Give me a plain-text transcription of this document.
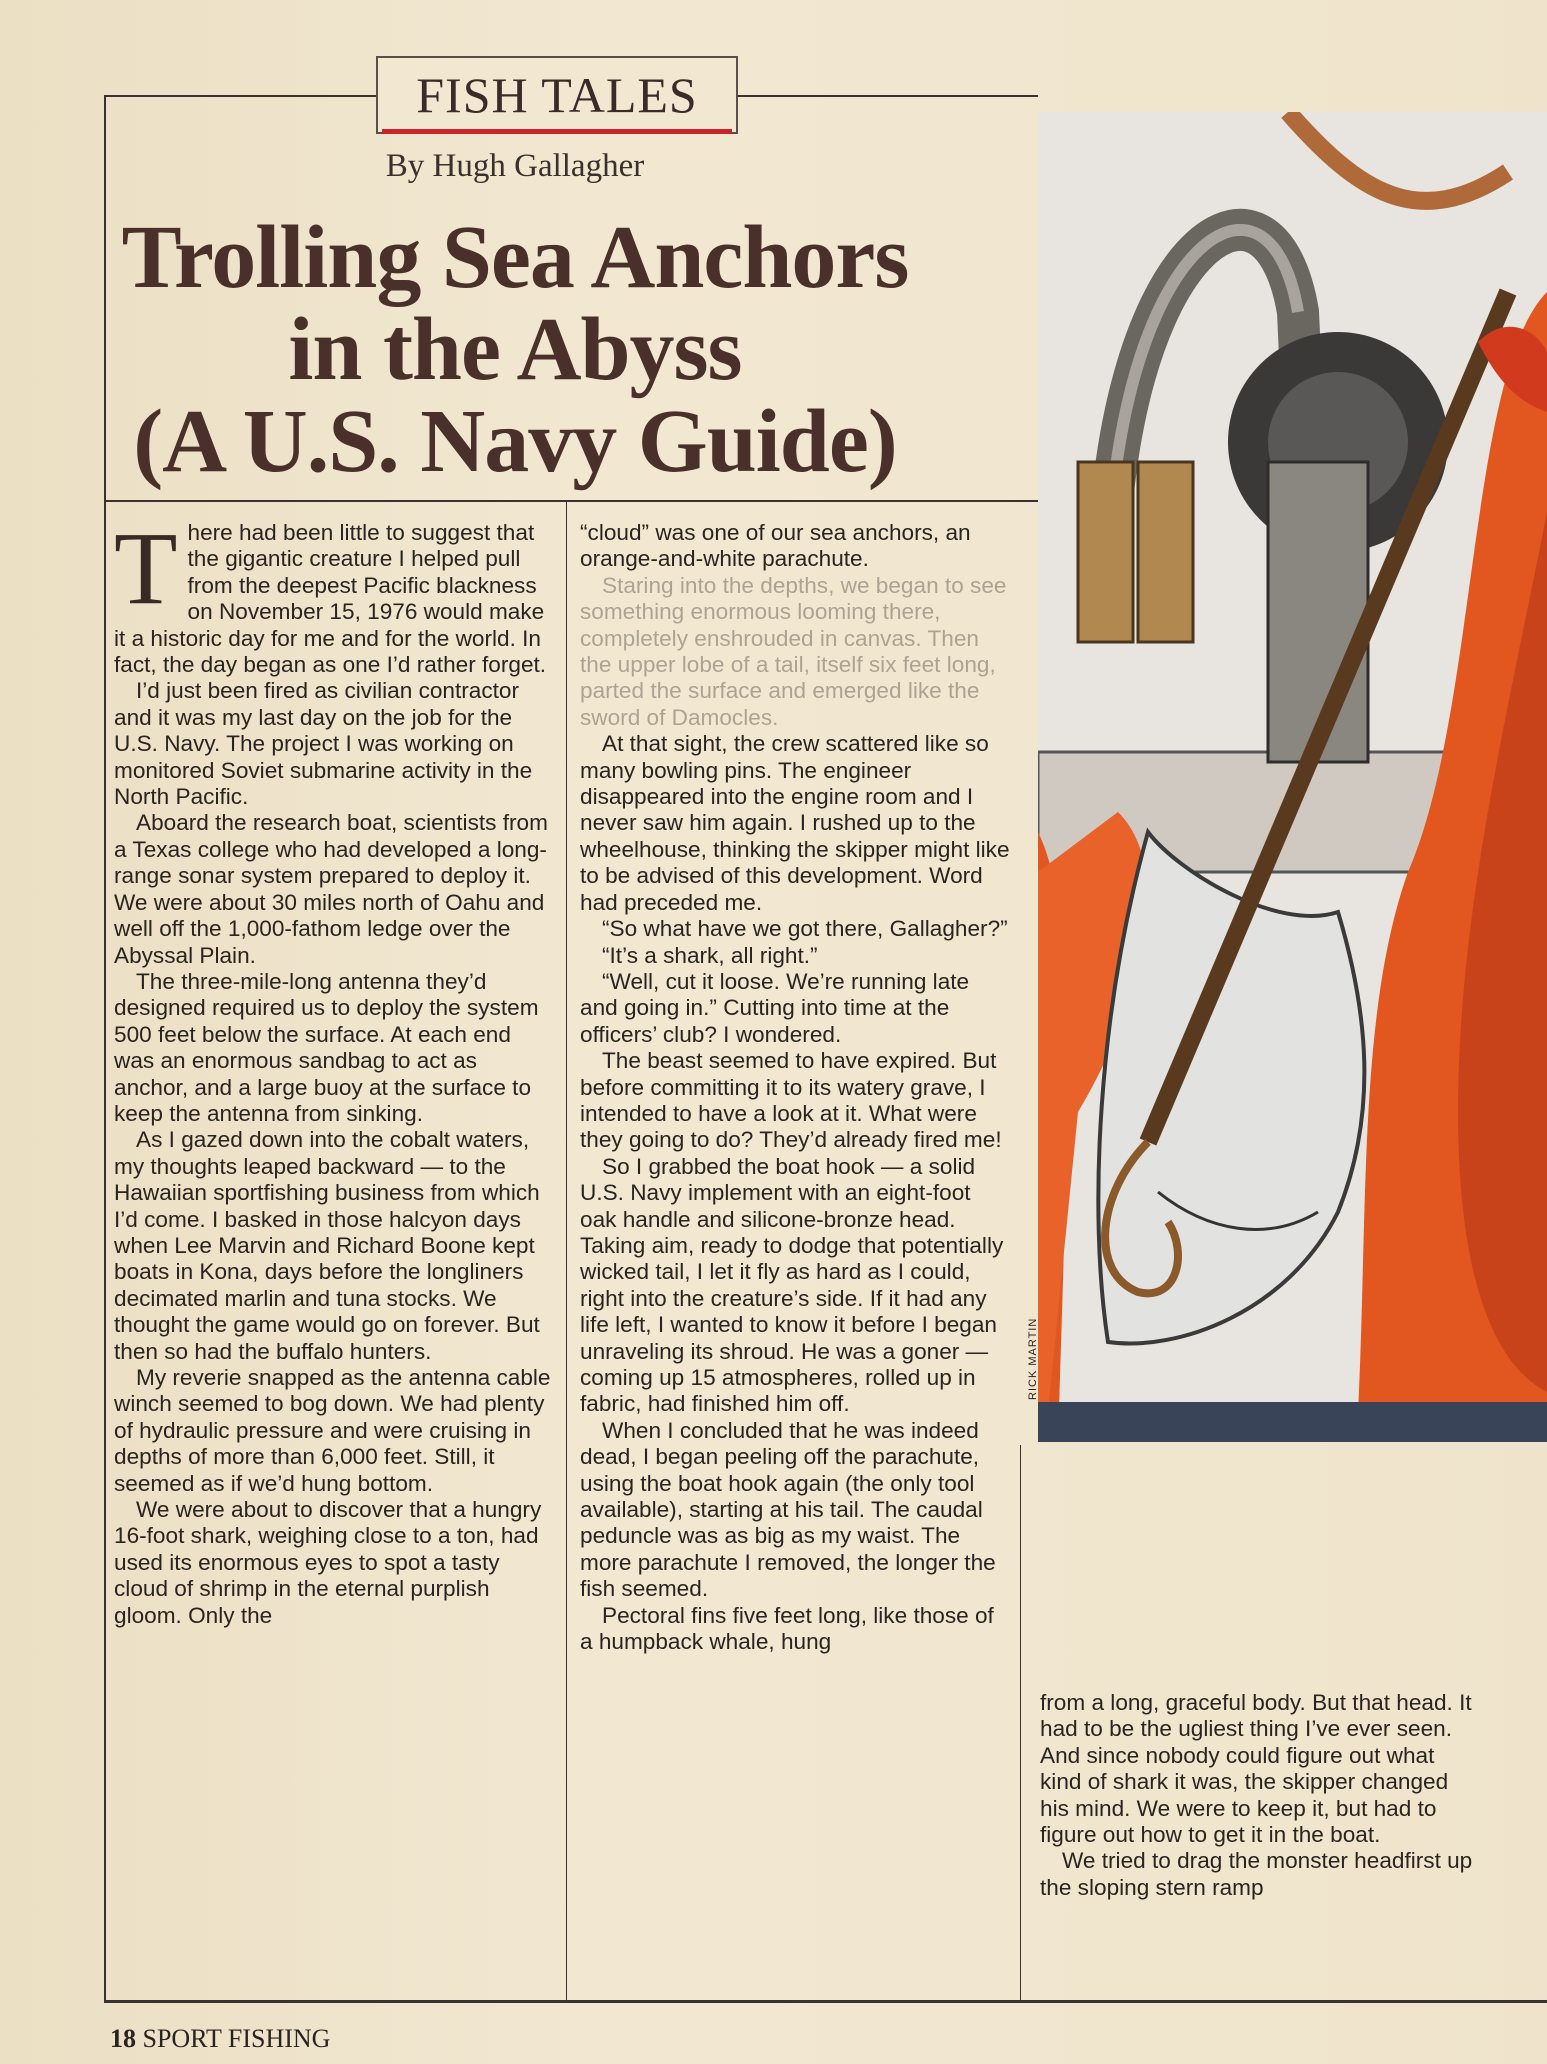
FISH TALES
By Hugh Gallagher
Trolling Sea Anchors
in the Abyss
(A U.S. Navy Guide)
T here had been little to suggest that the gigantic creature I helped pull from the deepest Pacific blackness on November 15, 1976 would make it a historic day for me and for the world. In fact, the day began as one I’d rather forget.

I’d just been fired as civilian contractor and it was my last day on the job for the U.S. Navy. The project I was working on monitored Soviet submarine activity in the North Pacific.

Aboard the research boat, scientists from a Texas college who had developed a long-range sonar system prepared to deploy it. We were about 30 miles north of Oahu and well off the 1,000-fathom ledge over the Abyssal Plain.

The three-mile-long antenna they’d designed required us to deploy the system 500 feet below the surface. At each end was an enormous sandbag to act as anchor, and a large buoy at the surface to keep the antenna from sinking.

As I gazed down into the cobalt waters, my thoughts leaped backward — to the Hawaiian sportfishing business from which I’d come. I basked in those halcyon days when Lee Marvin and Richard Boone kept boats in Kona, days before the longliners decimated marlin and tuna stocks. We thought the game would go on forever. But then so had the buffalo hunters.

My reverie snapped as the antenna cable winch seemed to bog down. We had plenty of hydraulic pressure and were cruising in depths of more than 6,000 feet. Still, it seemed as if we’d hung bottom.

We were about to discover that a hungry 16-foot shark, weighing close to a ton, had used its enormous eyes to spot a tasty cloud of shrimp in the eternal purplish gloom. Only the

“cloud” was one of our sea anchors, an orange-and-white parachute.

Staring into the depths, we began to see something enormous looming there, completely enshrouded in canvas. Then the upper lobe of a tail, itself six feet long, parted the surface and emerged like the sword of Damocles.

At that sight, the crew scattered like so many bowling pins. The engineer disappeared into the engine room and I never saw him again. I rushed up to the wheelhouse, thinking the skipper might like to be advised of this development. Word had preceded me.

“So what have we got there, Gallagher?”

“It’s a shark, all right.”

“Well, cut it loose. We’re running late and going in.” Cutting into time at the officers’ club? I wondered.

The beast seemed to have expired. But before committing it to its watery grave, I intended to have a look at it. What were they going to do? They’d already fired me!

So I grabbed the boat hook — a solid U.S. Navy implement with an eight-foot oak handle and silicone-bronze head. Taking aim, ready to dodge that potentially wicked tail, I let it fly as hard as I could, right into the creature’s side. If it had any life left, I wanted to know it before I began unraveling its shroud. He was a goner — coming up 15 atmospheres, rolled up in fabric, had finished him off.

When I concluded that he was indeed dead, I began peeling off the parachute, using the boat hook again (the only tool available), starting at his tail. The caudal peduncle was as big as my waist. The more parachute I removed, the longer the fish seemed.

Pectoral fins five feet long, like those of a humpback whale, hung

from a long, graceful body. But that head. It had to be the ugliest thing I’ve ever seen. And since nobody could figure out what kind of shark it was, the skipper changed his mind. We were to keep it, but had to figure out how to get it in the boat.

We tried to drag the monster headfirst up the sloping stern ramp

RICK MARTIN
18 SPORT FISHING
